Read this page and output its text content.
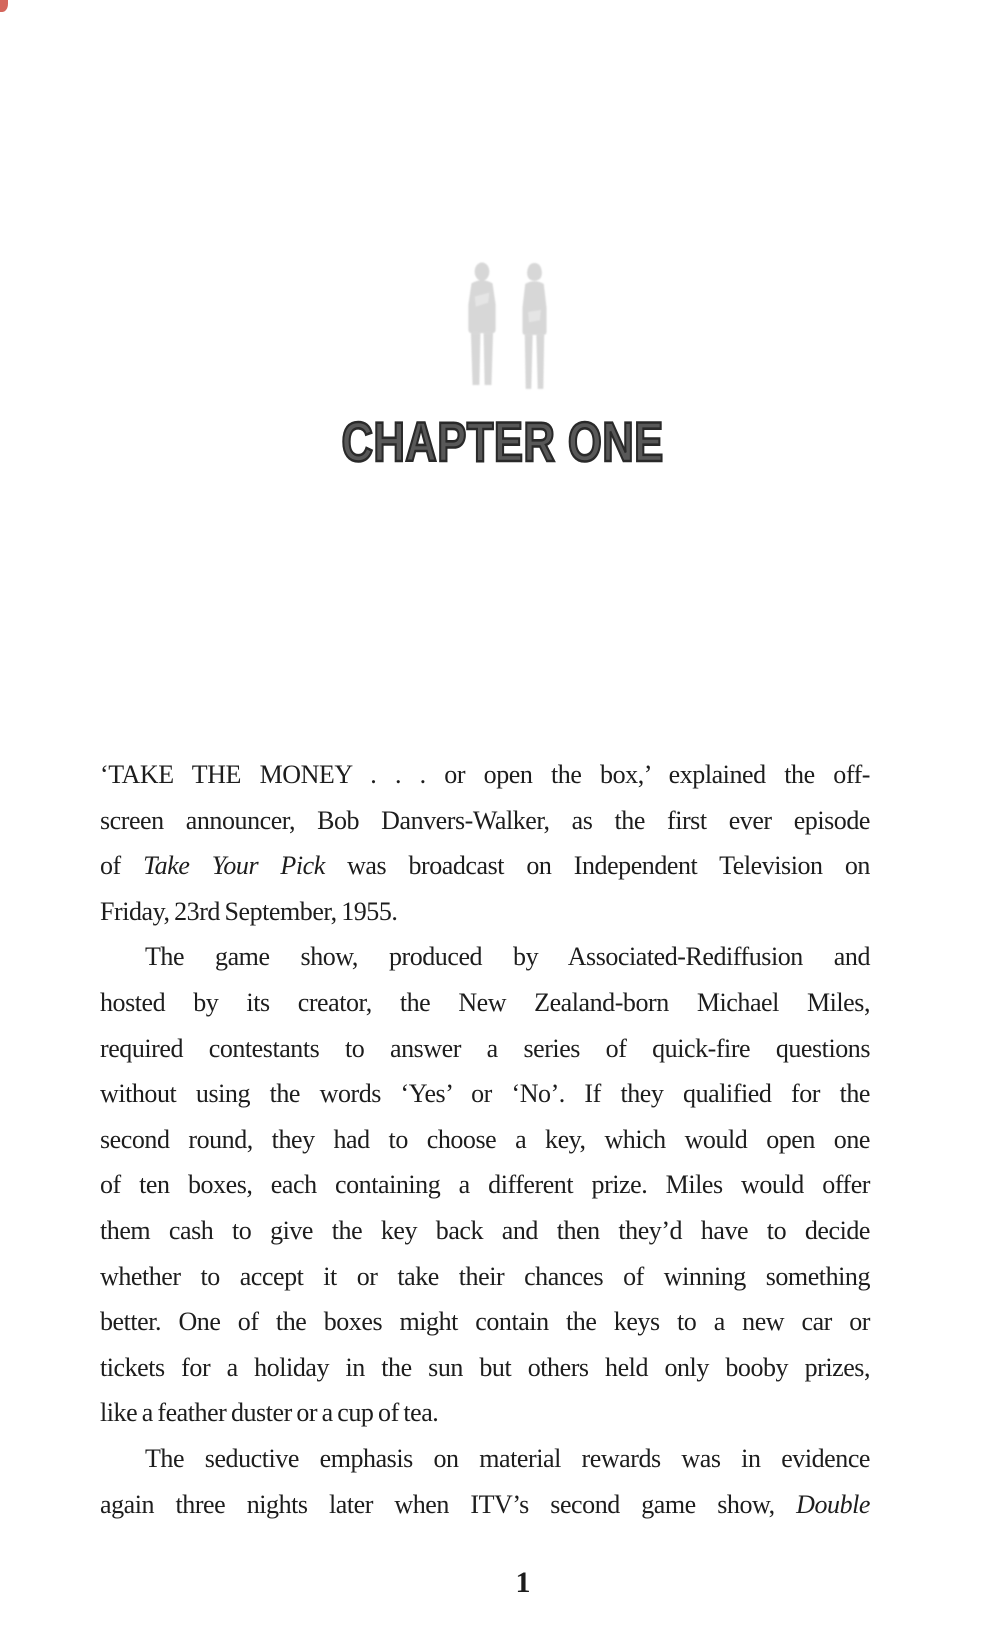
CHAPTER ONE
‘TAKE THE MONEY . . . or open the box,’ explained the off-
screen announcer, Bob Danvers-Walker, as the first ever episode
of Take Your Pick was broadcast on Independent Television on
Friday, 23rd September, 1955.
The game show, produced by Associated-Rediffusion and
hosted by its creator, the New Zealand-born Michael Miles,
required contestants to answer a series of quick-fire questions
without using the words ‘Yes’ or ‘No’. If they qualified for the
second round, they had to choose a key, which would open one
of ten boxes, each containing a different prize. Miles would offer
them cash to give the key back and then they’d have to decide
whether to accept it or take their chances of winning something
better. One of the boxes might contain the keys to a new car or
tickets for a holiday in the sun but others held only booby prizes,
like a feather duster or a cup of tea.
The seductive emphasis on material rewards was in evidence
again three nights later when ITV’s second game show, Double
1
